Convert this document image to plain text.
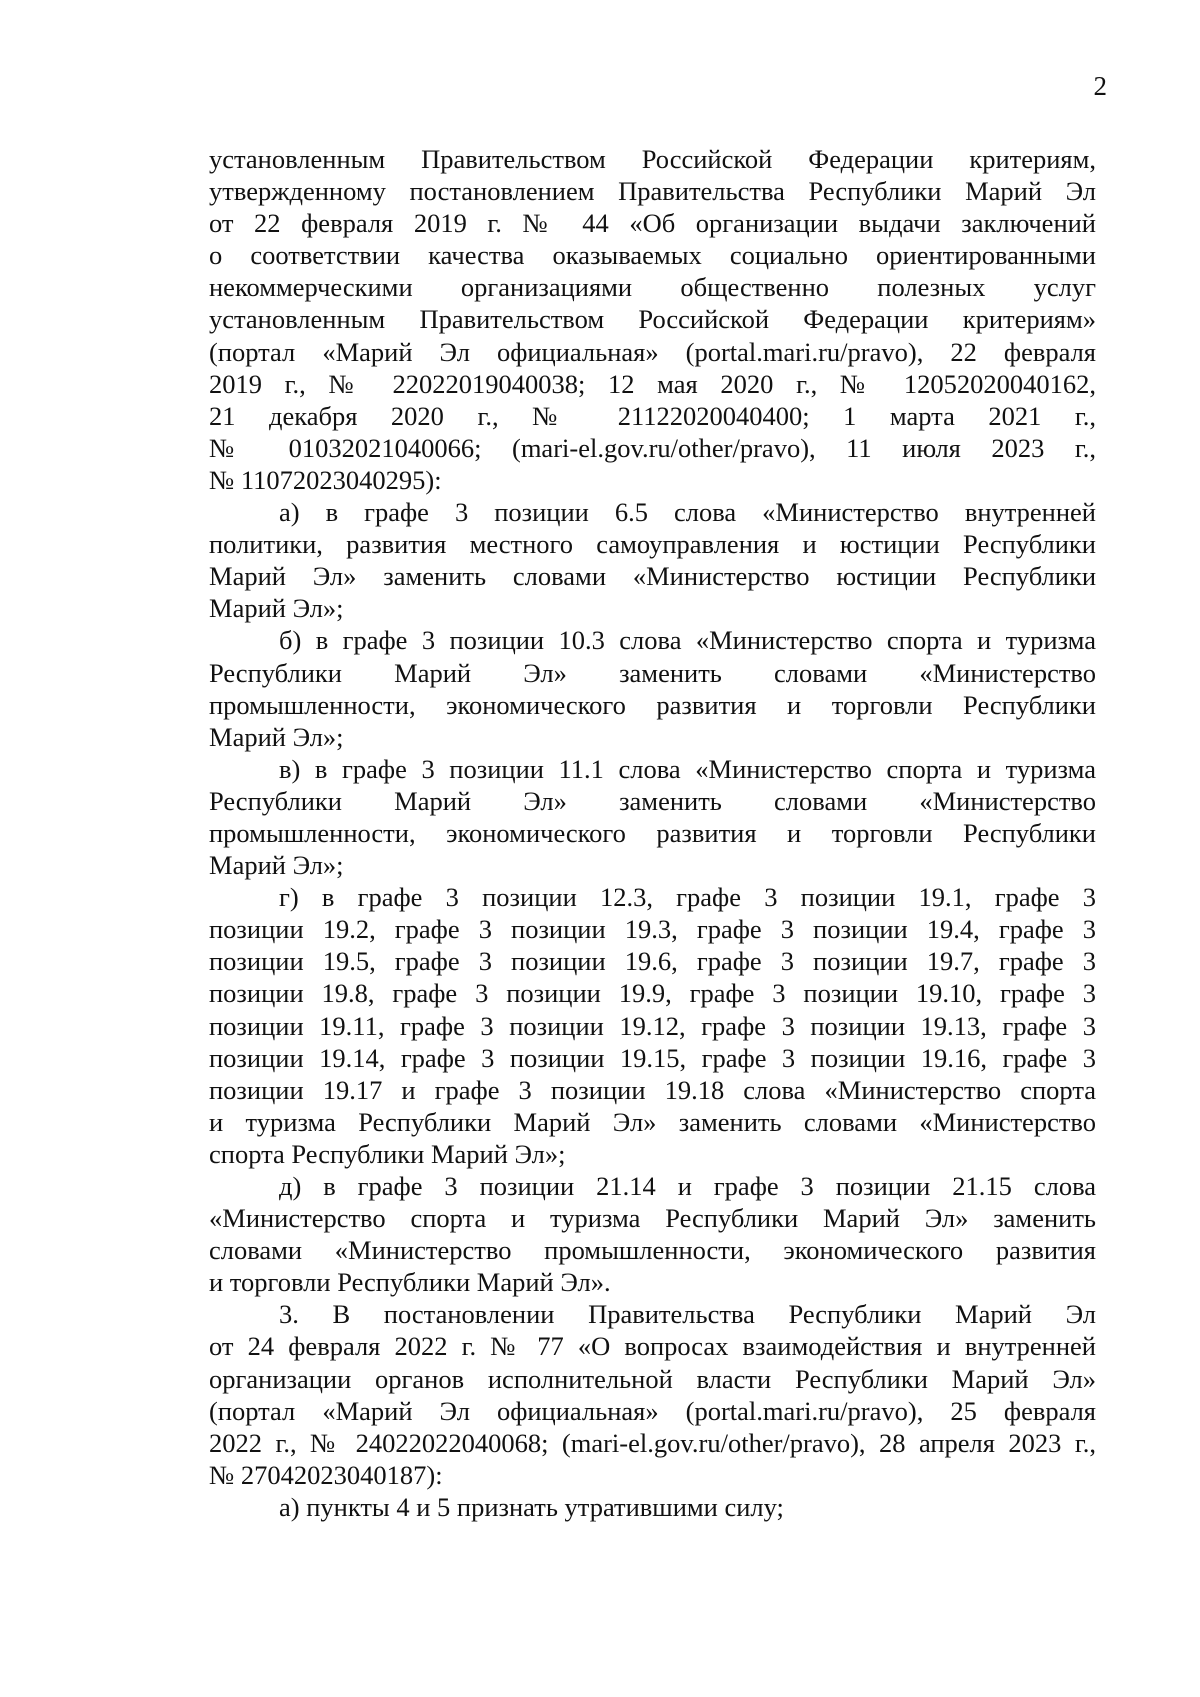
2
установленным Правительством Российской Федерации критериям,
утвержденному постановлением Правительства Республики Марий Эл
от 22 февраля 2019 г. № 44 «Об организации выдачи заключений
о соответствии качества оказываемых социально ориентированными
некоммерческими организациями общественно полезных услуг
установленным Правительством Российской Федерации критериям»
(портал «Марий Эл официальная» (portal.mari.ru/pravo), 22 февраля
2019 г., № 22022019040038; 12 мая 2020 г., № 12052020040162,
21 декабря 2020 г., № 21122020040400; 1 марта 2021 г.,
№ 01032021040066; (mari-el.gov.ru/other/pravo), 11 июля 2023 г.,
№ 11072023040295):
а) в графе 3 позиции 6.5 слова «Министерство внутренней
политики, развития местного самоуправления и юстиции Республики
Марий Эл» заменить словами «Министерство юстиции Республики
Марий Эл»;
б) в графе 3 позиции 10.3 слова «Министерство спорта и туризма
Республики Марий Эл» заменить словами «Министерство
промышленности, экономического развития и торговли Республики
Марий Эл»;
в) в графе 3 позиции 11.1 слова «Министерство спорта и туризма
Республики Марий Эл» заменить словами «Министерство
промышленности, экономического развития и торговли Республики
Марий Эл»;
г) в графе 3 позиции 12.3, графе 3 позиции 19.1, графе 3
позиции 19.2, графе 3 позиции 19.3, графе 3 позиции 19.4, графе 3
позиции 19.5, графе 3 позиции 19.6, графе 3 позиции 19.7, графе 3
позиции 19.8, графе 3 позиции 19.9, графе 3 позиции 19.10, графе 3
позиции 19.11, графе 3 позиции 19.12, графе 3 позиции 19.13, графе 3
позиции 19.14, графе 3 позиции 19.15, графе 3 позиции 19.16, графе 3
позиции 19.17 и графе 3 позиции 19.18 слова «Министерство спорта
и туризма Республики Марий Эл» заменить словами «Министерство
спорта Республики Марий Эл»;
д) в графе 3 позиции 21.14 и графе 3 позиции 21.15 слова
«Министерство спорта и туризма Республики Марий Эл» заменить
словами «Министерство промышленности, экономического развития
и торговли Республики Марий Эл».
3. В постановлении Правительства Республики Марий Эл
от 24 февраля 2022 г. № 77 «О вопросах взаимодействия и внутренней
организации органов исполнительной власти Республики Марий Эл»
(портал «Марий Эл официальная» (portal.mari.ru/pravo), 25 февраля
2022 г., № 24022022040068; (mari-el.gov.ru/other/pravo), 28 апреля 2023 г.,
№ 27042023040187):
а) пункты 4 и 5 признать утратившими силу;
